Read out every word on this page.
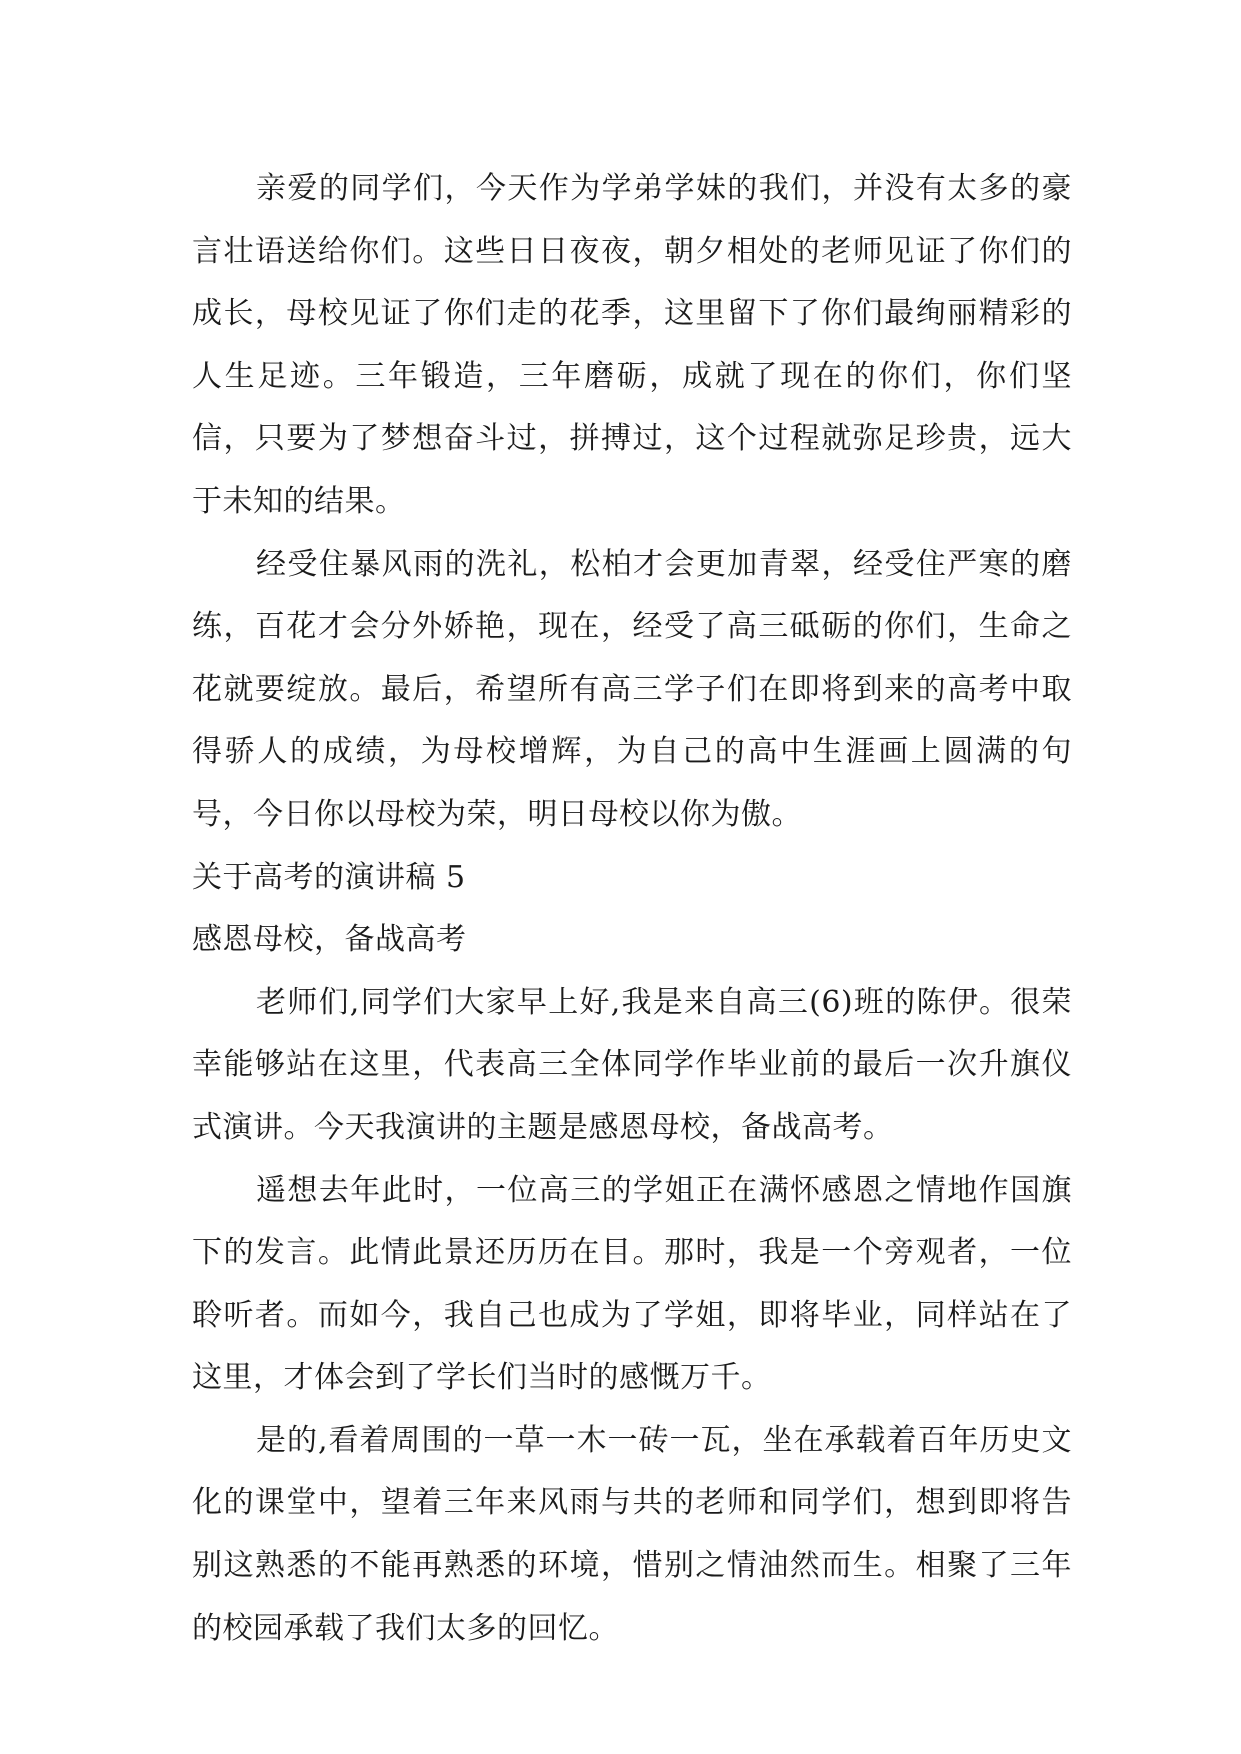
亲爱的同学们，今天作为学弟学妹的我们，并没有太多的豪言壮语送给你们。这些日日夜夜，朝夕相处的老师见证了你们的成长，母校见证了你们走的花季，这里留下了你们最绚丽精彩的人生足迹。三年锻造，三年磨砺，成就了现在的你们，你们坚信，只要为了梦想奋斗过，拼搏过，这个过程就弥足珍贵，远大于未知的结果。

经受住暴风雨的洗礼，松柏才会更加青翠，经受住严寒的磨练，百花才会分外娇艳，现在，经受了高三砥砺的你们，生命之花就要绽放。最后，希望所有高三学子们在即将到来的高考中取得骄人的成绩，为母校增辉，为自己的高中生涯画上圆满的句号，今日你以母校为荣，明日母校以你为傲。

关于高考的演讲稿 5

感恩母校，备战高考

老师们,同学们大家早上好,我是来自高三(6)班的陈伊。很荣幸能够站在这里，代表高三全体同学作毕业前的最后一次升旗仪式演讲。今天我演讲的主题是感恩母校，备战高考。

遥想去年此时，一位高三的学姐正在满怀感恩之情地作国旗下的发言。此情此景还历历在目。那时，我是一个旁观者，一位聆听者。而如今，我自己也成为了学姐，即将毕业，同样站在了这里，才体会到了学长们当时的感慨万千。

是的,看着周围的一草一木一砖一瓦，坐在承载着百年历史文化的课堂中，望着三年来风雨与共的老师和同学们，想到即将告别这熟悉的不能再熟悉的环境，惜别之情油然而生。相聚了三年的校园承载了我们太多的回忆。
